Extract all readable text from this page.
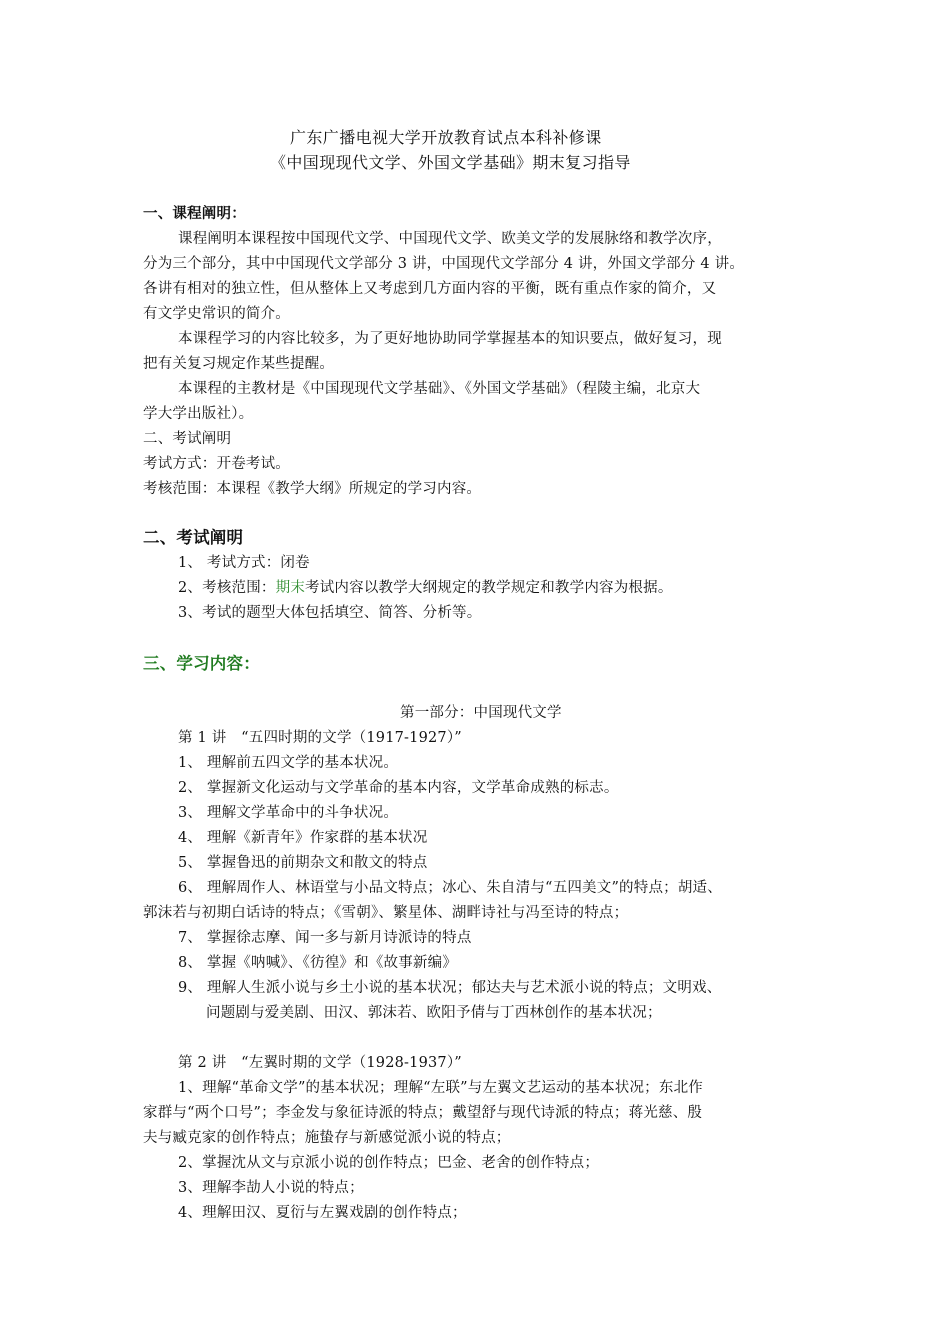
广东广播电视大学开放教育试点本科补修课
《中国现现代文学、外国文学基础》期末复习指导
一、课程阐明：
课程阐明本课程按中国现代文学、中国现代文学、欧美文学的发展脉络和教学次序，
分为三个部分，其中中国现代文学部分 3 讲，中国现代文学部分 4 讲，外国文学部分 4 讲。
各讲有相对的独立性，但从整体上又考虑到几方面内容的平衡，既有重点作家的简介，又
有文学史常识的简介。
本课程学习的内容比较多，为了更好地协助同学掌握基本的知识要点，做好复习，现
把有关复习规定作某些提醒。
本课程的主教材是《中国现现代文学基础》、《外国文学基础》（程陵主编，北京大
学大学出版社）。
二、考试阐明
考试方式：开卷考试。
考核范围：本课程《教学大纲》所规定的学习内容。
二、考试阐明
1、 考试方式：闭卷
2、考核范围：期末考试内容以教学大纲规定的教学规定和教学内容为根据。
3、考试的题型大体包括填空、简答、分析等。
三、学习内容：
第一部分：中国现代文学
第 1 讲　“五四时期的文学（1917-1927）”
1、 理解前五四文学的基本状况。
2、 掌握新文化运动与文学革命的基本内容，文学革命成熟的标志。
3、 理解文学革命中的斗争状况。
4、 理解《新青年》作家群的基本状况
5、 掌握鲁迅的前期杂文和散文的特点
6、 理解周作人、林语堂与小品文特点；冰心、朱自清与“五四美文”的特点；胡适、
郭沫若与初期白话诗的特点；《雪朝》、繁星体、湖畔诗社与冯至诗的特点；
7、 掌握徐志摩、闻一多与新月诗派诗的特点
8、 掌握《呐喊》、《彷徨》和《故事新编》
9、 理解人生派小说与乡土小说的基本状况；郁达夫与艺术派小说的特点；文明戏、
问题剧与爱美剧、田汉、郭沫若、欧阳予倩与丁西林创作的基本状况；
第 2 讲　“左翼时期的文学（1928-1937）”
1、理解“革命文学”的基本状况；理解“左联”与左翼文艺运动的基本状况；东北作
家群与“两个口号”；李金发与象征诗派的特点；戴望舒与现代诗派的特点；蒋光慈、殷
夫与臧克家的创作特点；施蛰存与新感觉派小说的特点；
2、掌握沈从文与京派小说的创作特点；巴金、老舍的创作特点；
3、理解李劼人小说的特点；
4、理解田汉、夏衍与左翼戏剧的创作特点；
